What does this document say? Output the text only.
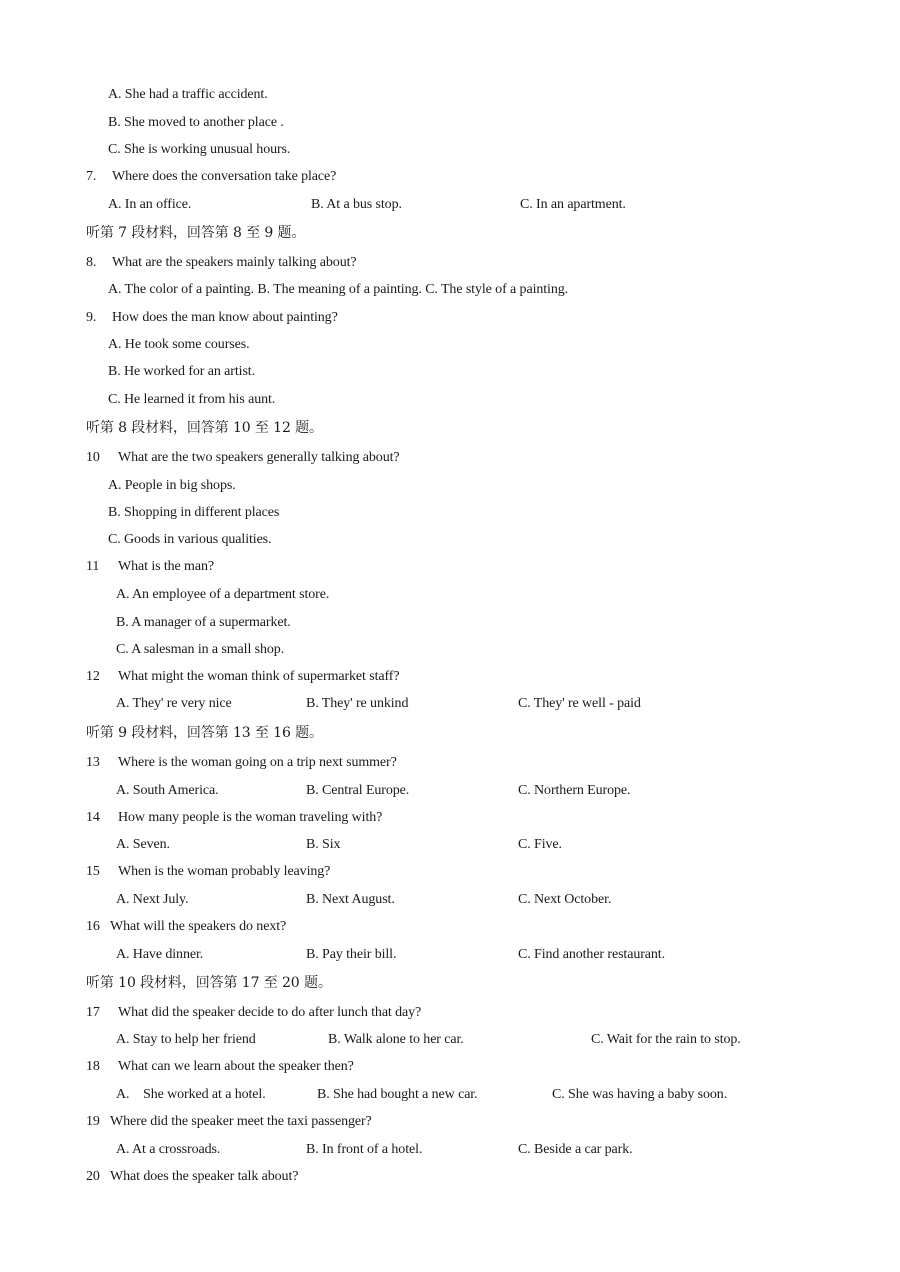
A. She had a traffic accident.
B. She moved to another place .
C. She is working unusual hours.
7. Where does the conversation take place?
A. In an office.	B. At a bus stop.	C. In an apartment.
听第 7 段材料，回答第 8 至 9 题。
8. What are the speakers mainly talking about?
A. The color of a painting. B. The meaning of a painting. C. The style of a painting.
9. How does the man know about painting?
A. He took some courses.
B. He worked for an artist.
C. He learned it from his aunt.
听第 8 段材料，回答第 10 至 12 题。
10 What are the two speakers generally talking about?
A. People in big shops.
B. Shopping in different places
C. Goods in various qualities.
11 What is the man?
A. An employee of a department store.
B. A manager of a supermarket.
C. A salesman in a small shop.
12 What might the woman think of supermarket staff?
A. They' re very nice	B. They' re unkind	C. They' re well - paid
听第 9 段材料，回答第 13 至 16 题。
13 Where is the woman going on a trip next summer?
A. South America.	B. Central Europe.	C. Northern Europe.
14 How many people is the woman traveling with?
A. Seven.	B. Six	C. Five.
15 When is the woman probably leaving?
A. Next July.	B. Next August.	C. Next October.
16 What will the speakers do next?
A. Have dinner.	B. Pay their bill.	C. Find another restaurant.
听第 10 段材料，回答第 17 至 20 题。
17 What did the speaker decide to do after lunch that day?
A. Stay to help her friend	B. Walk alone to her car.	C. Wait for the rain to stop.
18 What can we learn about the speaker then?
A.    She worked at a hotel.	B. She had bought a new car.	C. She was having a baby soon.
19 Where did the speaker meet the taxi passenger?
A. At a crossroads.	B. In front of a hotel.	C. Beside a car park.
20 What does the speaker talk about?
